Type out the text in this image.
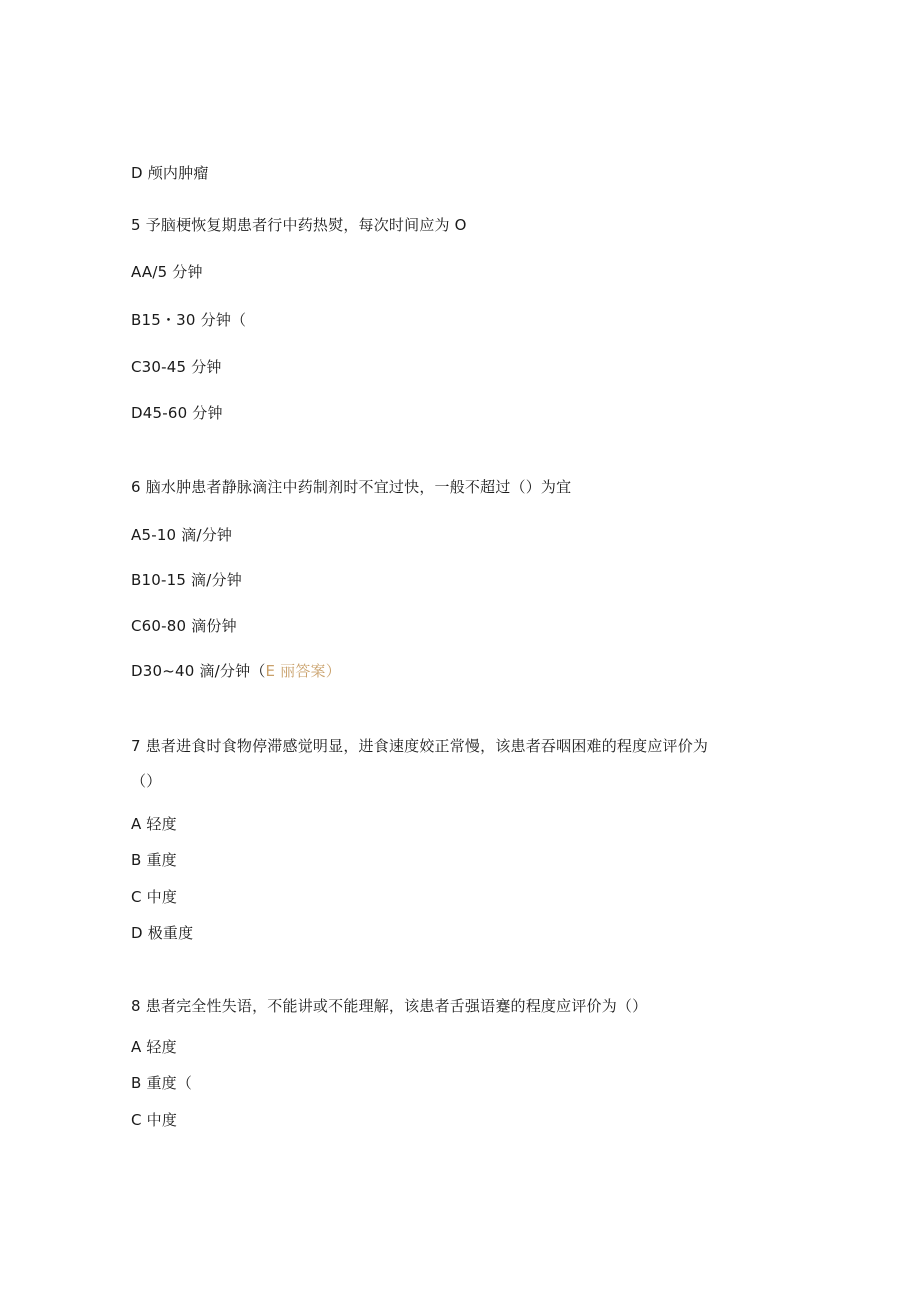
D 颅内肿瘤
5 予脑梗恢复期患者行中药热熨，每次时间应为 O
AA/5 分钟
B15・30 分钟（
C30-45 分钟
D45-60 分钟
6 脑水肿患者静脉滴注中药制剂时不宜过快，一般不超过（）为宜
A5-10 滴/分钟
B10-15 滴/分钟
C60-80 滴份钟
D30~40 滴/分钟（E 丽答案）
7 患者进食时食物停滞感觉明显，进食速度姣正常慢，该患者吞咽困难的程度应评价为
（）
A 轻度
B 重度
C 中度
D 极重度
8 患者完全性失语，不能讲或不能理解，该患者舌强语蹇的程度应评价为（）
A 轻度
B 重度（
C 中度
